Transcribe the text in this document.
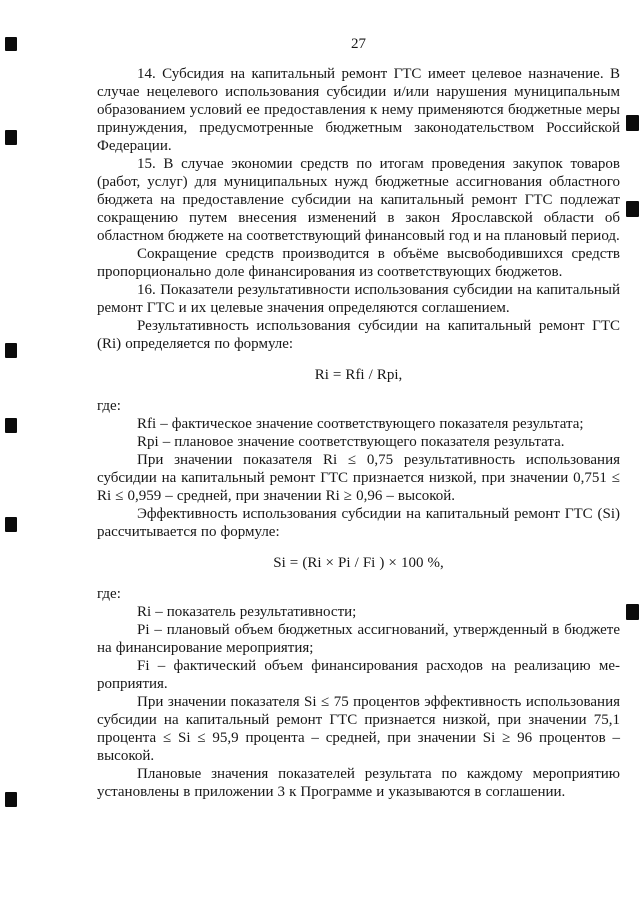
27

14. Субсидия на капитальный ремонт ГТС имеет целевое назначение. В случае нецелевого использования субсидии и/или нарушения муниципальным образованием условий ее предоставления к нему применяются бюджетные меры принуждения, предусмотренные бюджетным законодательством Российской Федерации.

15. В случае экономии средств по итогам проведения закупок товаров (работ, услуг) для муниципальных нужд бюджетные ассигнования областного бюджета на предоставление субсидии на капитальный ремонт ГТС подлежат сокращению путем внесения изменений в закон Ярославской области об областном бюджете на соответствующий финансовый год и на плановый период.

Сокращение средств производится в объёме высвободившихся средств пропорционально доле финансирования из соответствующих бюджетов.

16. Показатели результативности использования субсидии на капитальный ремонт ГТС и их целевые значения определяются соглашением.

Результативность использования субсидии на капитальный ремонт ГТС (Ri) определяется по формуле:

Ri = Rfi / Rpi,

где:

Rfi – фактическое значение соответствующего показателя результата;

Rpi – плановое значение соответствующего показателя результата.

При значении показателя Ri ≤ 0,75 результативность использования субсидии на капитальный ремонт ГТС признается низкой, при значении 0,751 ≤ Ri ≤ 0,959 – средней, при значении Ri ≥ 0,96 – высокой.

Эффективность использования субсидии на капитальный ремонт ГТС (Si) рассчитывается по формуле:

Si = (Ri × Pi / Fi ) × 100 %,

где:

Ri – показатель результативности;

Pi – плановый объем бюджетных ассигнований, утвержденный в бюджете на финансирование мероприятия;

Fi – фактический объем финансирования расходов на реализацию мероприятия.

При значении показателя Si ≤ 75 процентов эффективность использования субсидии на капитальный ремонт ГТС признается низкой, при значении 75,1 процента ≤ Si ≤ 95,9 процента – средней, при значении Si ≥ 96 процентов – высокой.

Плановые значения показателей результата по каждому мероприятию установлены в приложении 3 к Программе и указываются в соглашении.
